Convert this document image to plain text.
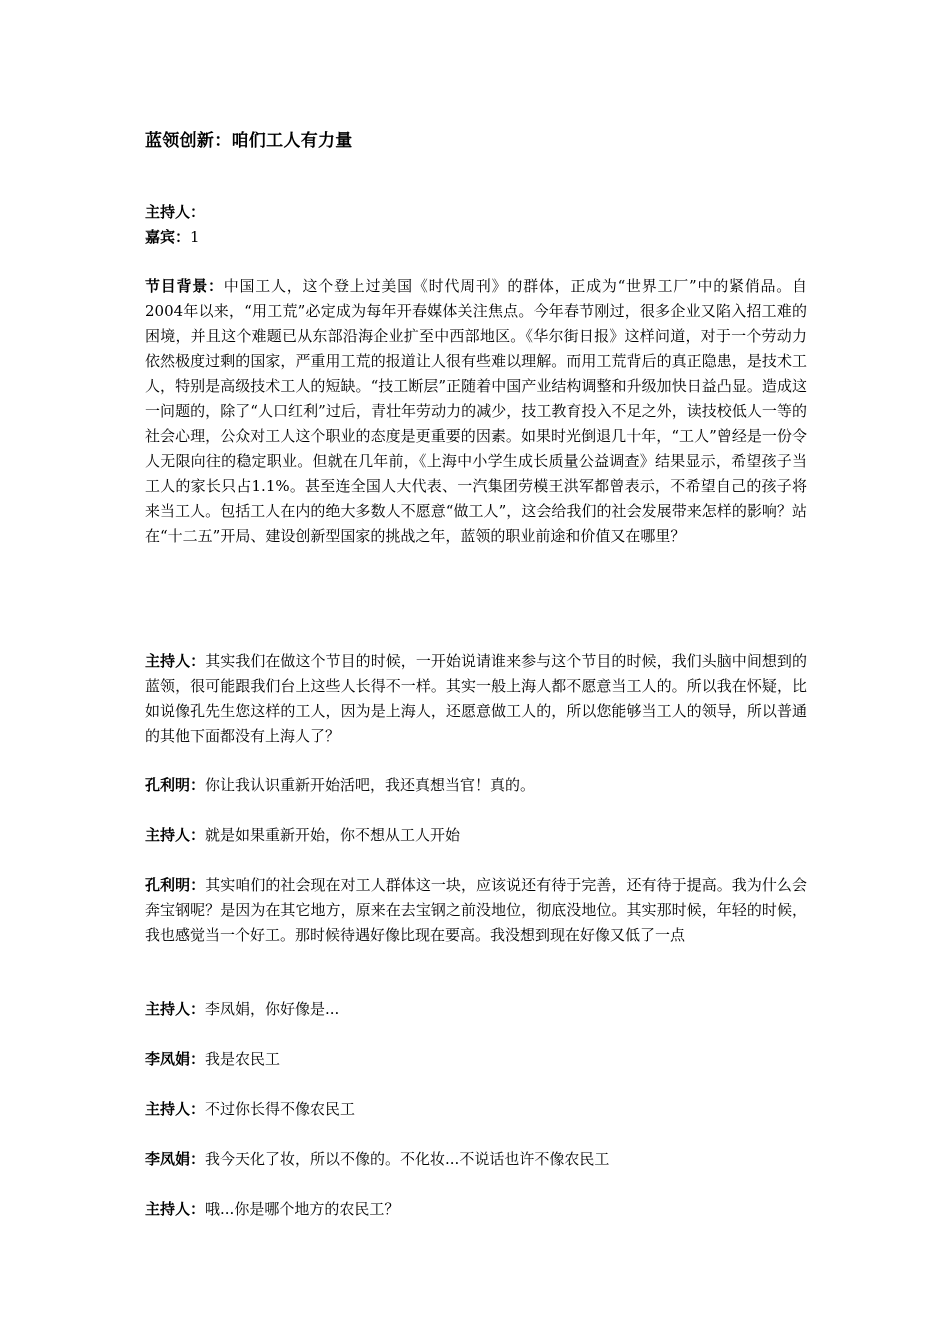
蓝领创新：咱们工人有力量
主持人：
嘉宾：1
节目背景：中国工人，这个登上过美国《时代周刊》的群体，正成为“世界工厂”中的紧俏品。自2004年以来，“用工荒”必定成为每年开春媒体关注焦点。今年春节刚过，很多企业又陷入招工难的困境，并且这个难题已从东部沿海企业扩至中西部地区。《华尔街日报》这样问道，对于一个劳动力依然极度过剩的国家，严重用工荒的报道让人很有些难以理解。而用工荒背后的真正隐患，是技术工人，特别是高级技术工人的短缺。“技工断层”正随着中国产业结构调整和升级加快日益凸显。造成这一问题的，除了“人口红利”过后，青壮年劳动力的减少，技工教育投入不足之外，读技校低人一等的社会心理，公众对工人这个职业的态度是更重要的因素。如果时光倒退几十年，“工人”曾经是一份令人无限向往的稳定职业。但就在几年前，《上海中小学生成长质量公益调查》结果显示，希望孩子当工人的家长只占1.1%。甚至连全国人大代表、一汽集团劳模王洪军都曾表示，不希望自己的孩子将来当工人。包括工人在内的绝大多数人不愿意“做工人”，这会给我们的社会发展带来怎样的影响？站在“十二五”开局、建设创新型国家的挑战之年，蓝领的职业前途和价值又在哪里？
主持人：其实我们在做这个节目的时候，一开始说请谁来参与这个节目的时候，我们头脑中间想到的蓝领，很可能跟我们台上这些人长得不一样。其实一般上海人都不愿意当工人的。所以我在怀疑，比如说像孔先生您这样的工人，因为是上海人，还愿意做工人的，所以您能够当工人的领导，所以普通的其他下面都没有上海人了？
孔利明：你让我认识重新开始活吧，我还真想当官！真的。
主持人：就是如果重新开始，你不想从工人开始
孔利明：其实咱们的社会现在对工人群体这一块，应该说还有待于完善，还有待于提高。我为什么会奔宝钢呢？是因为在其它地方，原来在去宝钢之前没地位，彻底没地位。其实那时候，年轻的时候，我也感觉当一个好工。那时候待遇好像比现在要高。我没想到现在好像又低了一点
主持人：李凤娟，你好像是...
李凤娟：我是农民工
主持人：不过你长得不像农民工
李凤娟：我今天化了妆，所以不像的。不化妆...不说话也许不像农民工
主持人：哦...你是哪个地方的农民工？
